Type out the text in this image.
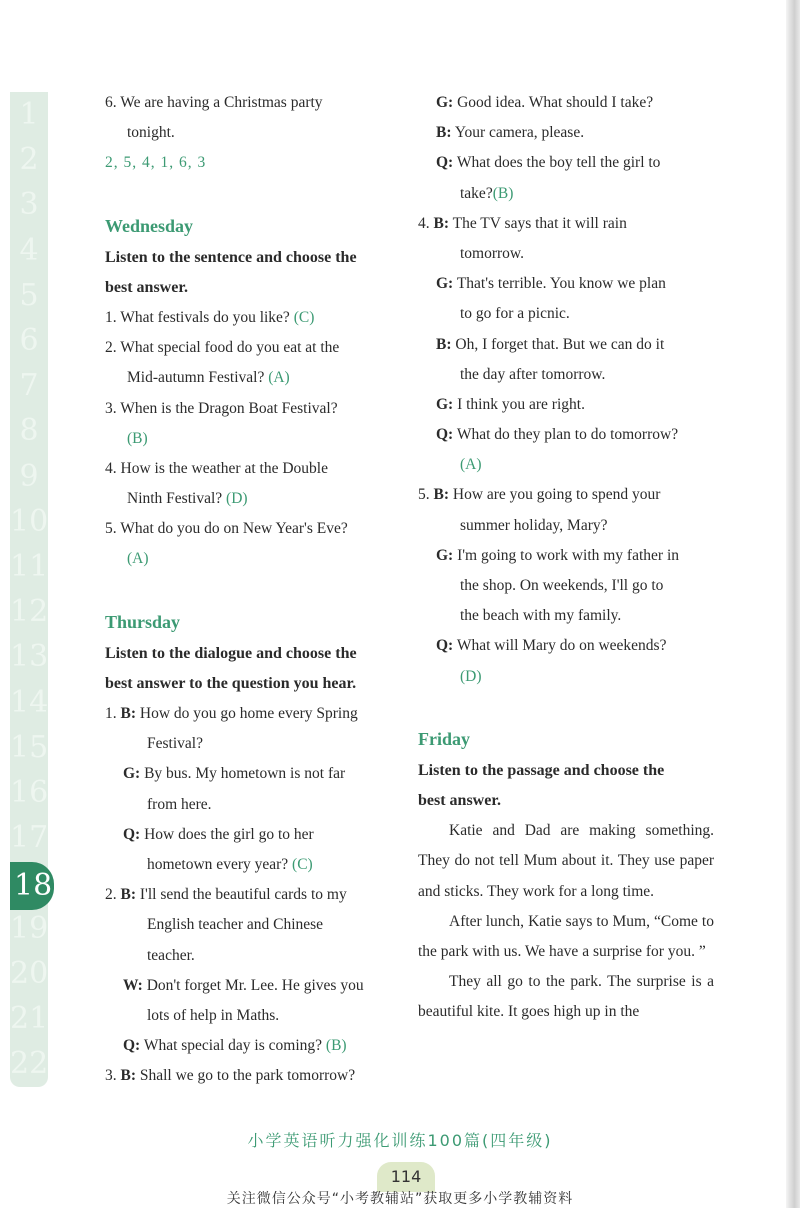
1
2
3
4
5
6
7
8
9
10
11
12
13
14
15
16
17
19
20
21
22
18
6. We are having a Christmas party
tonight.
2, 5, 4, 1, 6, 3
Wednesday
Listen to the sentence and choose the
best answer.
1. What festivals do you like? (C)
2. What special food do you eat at the
Mid-autumn Festival? (A)
3. When is the Dragon Boat Festival?
(B)
4. How is the weather at the Double
Ninth Festival? (D)
5. What do you do on New Year's Eve?
(A)
Thursday
Listen to the dialogue and choose the
best answer to the question you hear.
1. B: How do you go home every Spring
Festival?
G: By bus. My hometown is not far
from here.
Q: How does the girl go to her
hometown every year? (C)
2. B: I'll send the beautiful cards to my
English teacher and Chinese
teacher.
W: Don't forget Mr. Lee. He gives you
lots of help in Maths.
Q: What special day is coming? (B)
3. B: Shall we go to the park tomorrow?
G: Good idea. What should I take?
B: Your camera, please.
Q: What does the boy tell the girl to
take?(B)
4. B: The TV says that it will rain
tomorrow.
G: That's terrible. You know we plan
to go for a picnic.
B: Oh, I forget that. But we can do it
the day after tomorrow.
G: I think you are right.
Q: What do they plan to do tomorrow?
(A)
5. B: How are you going to spend your
summer holiday, Mary?
G: I'm going to work with my father in
the shop. On weekends, I'll go to
the beach with my family.
Q: What will Mary do on weekends?
(D)
Friday
Listen to the passage and choose the
best answer.

Katie and Dad are making something. They do not tell Mum about it. They use paper and sticks. They work for a long time.

After lunch, Katie says to Mum, “Come to the park with us. We have a surprise for you. ”

They all go to the park. The surprise is a beautiful kite. It goes high up in the

小学英语听力强化训练100篇(四年级)
114
关注微信公众号“小考教辅站”获取更多小学教辅资料
